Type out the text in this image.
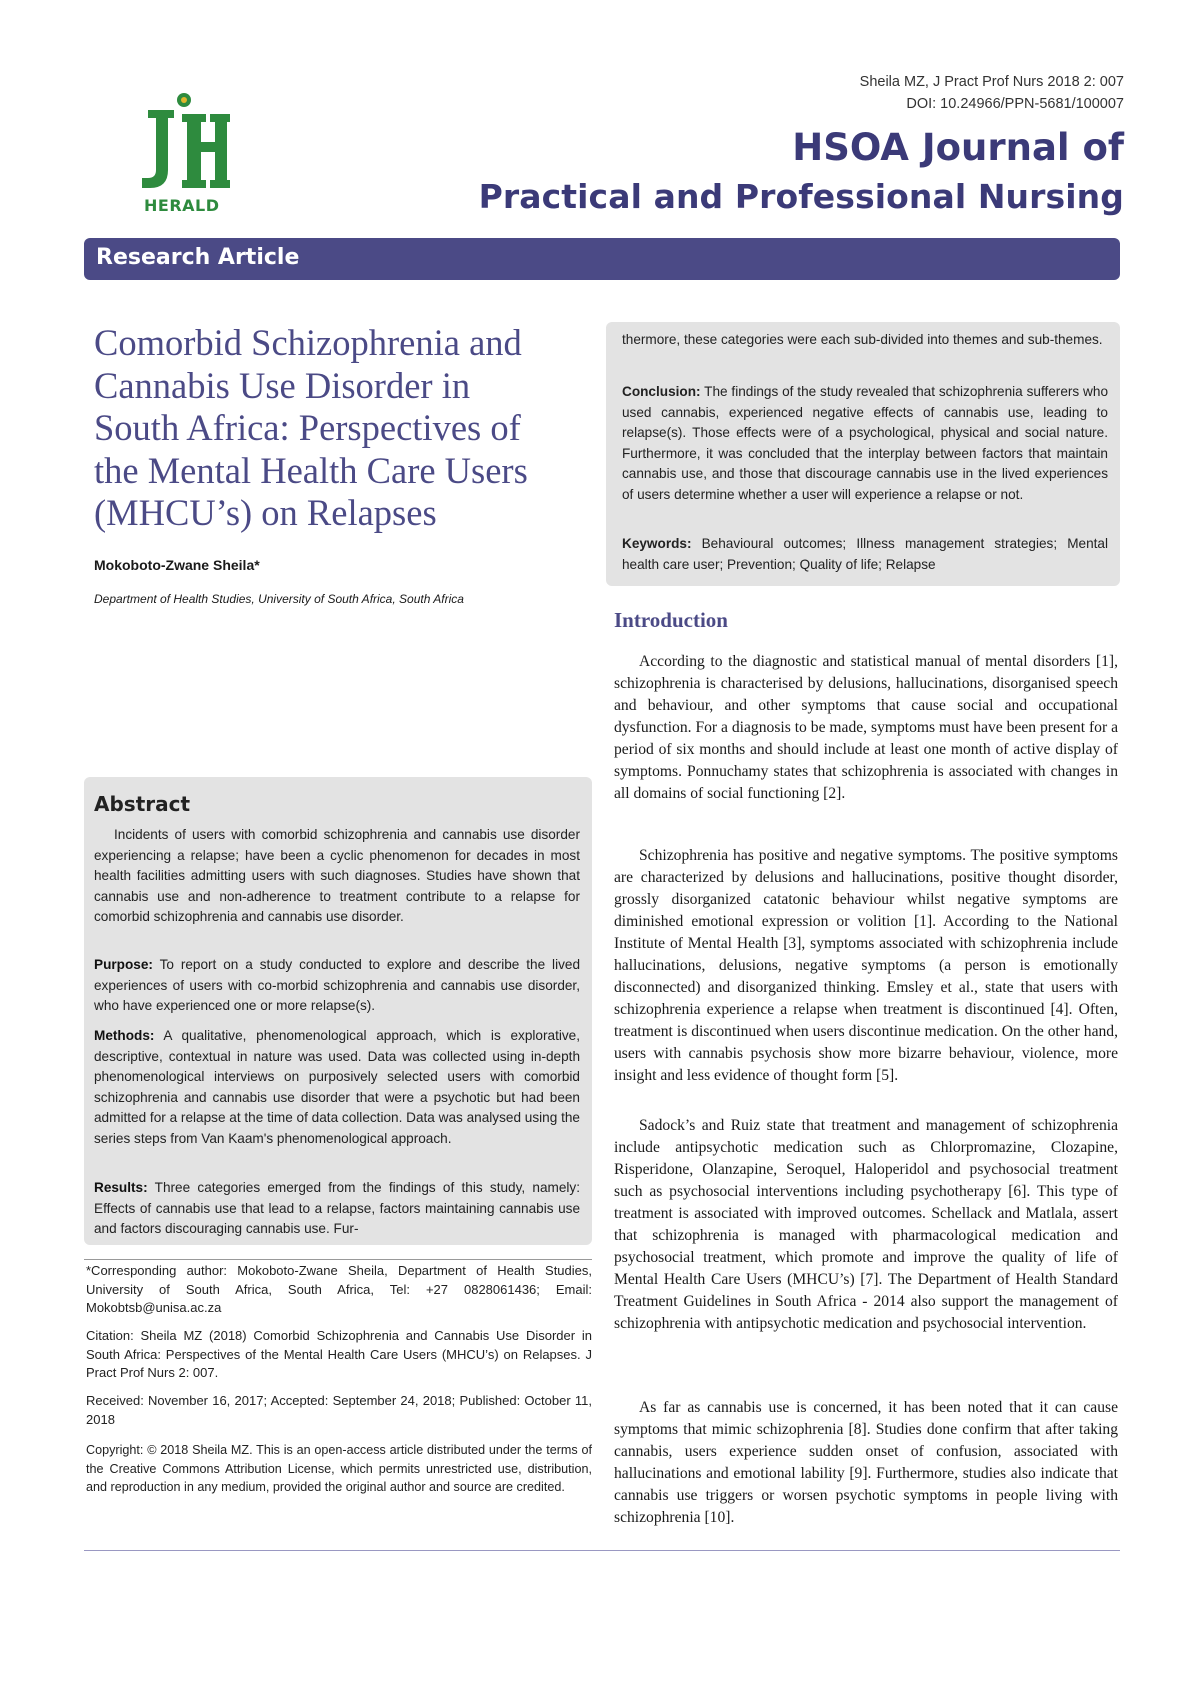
Sheila MZ, J Pract Prof Nurs 2018 2: 007
DOI: 10.24966/PPN-5681/100007
HERALD
HSOA Journal of
Practical and Professional Nursing
Research Article
Comorbid Schizophrenia and Cannabis Use Disorder in South Africa: Perspectives of the Mental Health Care Users (MHCU’s) on Relapses
Mokoboto-Zwane Sheila*
Department of Health Studies, University of South Africa, South Africa
Abstract
Incidents of users with comorbid schizophrenia and cannabis use disorder experiencing a relapse; have been a cyclic phenomenon for decades in most health facilities admitting users with such diagnoses. Studies have shown that cannabis use and non-adherence to treatment contribute to a relapse for comorbid schizophrenia and cannabis use disorder.
Purpose: To report on a study conducted to explore and describe the lived experiences of users with co-morbid schizophrenia and cannabis use disorder, who have experienced one or more relapse(s).
Methods: A qualitative, phenomenological approach, which is explorative, descriptive, contextual in nature was used. Data was collected using in-depth phenomenological interviews on purposively selected users with comorbid schizophrenia and cannabis use disorder that were a psychotic but had been admitted for a relapse at the time of data collection. Data was analysed using the series steps from Van Kaam's phenomenological approach.
Results: Three categories emerged from the findings of this study, namely: Effects of cannabis use that lead to a relapse, factors maintaining cannabis use and factors discouraging cannabis use. Fur-
*Corresponding author: Mokoboto-Zwane Sheila, Department of Health Studies, University of South Africa, South Africa, Tel: +27 0828061436; Email: Mokobtsb@unisa.ac.za
Citation: Sheila MZ (2018) Comorbid Schizophrenia and Cannabis Use Disorder in South Africa: Perspectives of the Mental Health Care Users (MHCU’s) on Relapses. J Pract Prof Nurs 2: 007.
Received: November 16, 2017; Accepted: September 24, 2018; Published: October 11, 2018
Copyright: © 2018 Sheila MZ. This is an open-access article distributed under the terms of the Creative Commons Attribution License, which permits unrestricted use, distribution, and reproduction in any medium, provided the original author and source are credited.
thermore, these categories were each sub-divided into themes and sub-themes.
Conclusion: The findings of the study revealed that schizophrenia sufferers who used cannabis, experienced negative effects of cannabis use, leading to relapse(s). Those effects were of a psychological, physical and social nature. Furthermore, it was concluded that the interplay between factors that maintain cannabis use, and those that discourage cannabis use in the lived experiences of users determine whether a user will experience a relapse or not.
Keywords: Behavioural outcomes; Illness management strategies; Mental health care user; Prevention; Quality of life; Relapse
Introduction
According to the diagnostic and statistical manual of mental disorders [1], schizophrenia is characterised by delusions, hallucinations, disorganised speech and behaviour, and other symptoms that cause social and occupational dysfunction. For a diagnosis to be made, symptoms must have been present for a period of six months and should include at least one month of active display of symptoms. Ponnuchamy states that schizophrenia is associated with changes in all domains of social functioning [2].
Schizophrenia has positive and negative symptoms. The positive symptoms are characterized by delusions and hallucinations, positive thought disorder, grossly disorganized catatonic behaviour whilst negative symptoms are diminished emotional expression or volition [1]. According to the National Institute of Mental Health [3], symptoms associated with schizophrenia include hallucinations, delusions, negative symptoms (a person is emotionally disconnected) and disorganized thinking. Emsley et al., state that users with schizophrenia experience a relapse when treatment is discontinued [4]. Often, treatment is discontinued when users discontinue medication. On the other hand, users with cannabis psychosis show more bizarre behaviour, violence, more insight and less evidence of thought form [5].
Sadock’s and Ruiz state that treatment and management of schizophrenia include antipsychotic medication such as Chlorpromazine, Clozapine, Risperidone, Olanzapine, Seroquel, Haloperidol and psychosocial treatment such as psychosocial interventions including psychotherapy [6]. This type of treatment is associated with improved outcomes. Schellack and Matlala, assert that schizophrenia is managed with pharmacological medication and psychosocial treatment, which promote and improve the quality of life of Mental Health Care Users (MHCU’s) [7]. The Department of Health Standard Treatment Guidelines in South Africa - 2014 also support the management of schizophrenia with antipsychotic medication and psychosocial intervention.
As far as cannabis use is concerned, it has been noted that it can cause symptoms that mimic schizophrenia [8]. Studies done confirm that after taking cannabis, users experience sudden onset of confusion, associated with hallucinations and emotional lability [9]. Furthermore, studies also indicate that cannabis use triggers or worsen psychotic symptoms in people living with schizophrenia [10].
